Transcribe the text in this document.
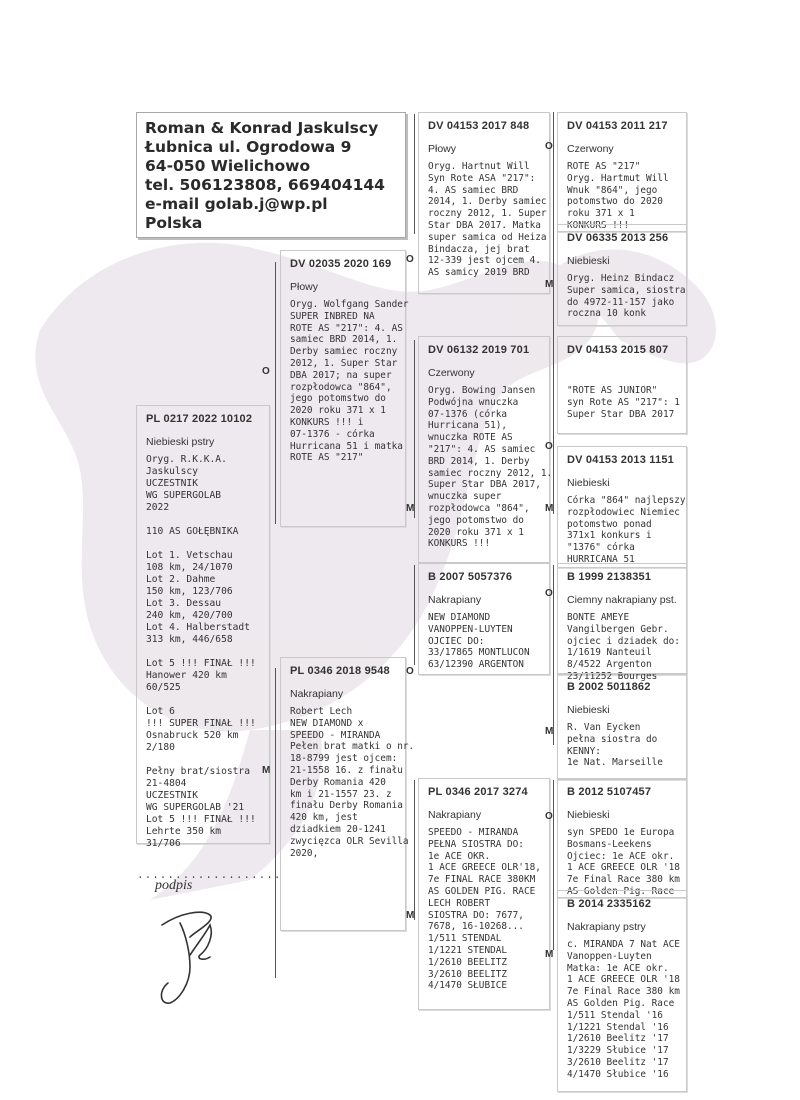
Roman & Konrad Jaskulscy
Łubnica ul. Ogrodowa 9
64-050 Wielichowo
tel. 506123808, 669404144
e-mail golab.j@wp.pl
Polska
PL 0217 2022 10102
Niebieski pstry
Oryg. R.K.K.A.
Jaskulscy
UCZESTNIK
WG SUPERGOLAB
2022

110 AS GOŁĘBNIKA

Lot 1. Vetschau
108 km, 24/1070
Lot 2. Dahme
150 km, 123/706
Lot 3. Dessau
240 km, 420/700
Lot 4. Halberstadt
313 km, 446/658

Lot 5 !!! FINAŁ !!!
Hanower 420 km
60/525

Lot 6
!!! SUPER FINAŁ !!!
Osnabruck 520 km
2/180

Pełny brat/siostra
21-4804
UCZESTNIK
WG SUPERGOLAB '21
Lot 5 !!! FINAŁ !!!
Lehrte 350 km
31/706
DV 02035 2020 169
Płowy
Oryg. Wolfgang Sander
SUPER INBRED NA
ROTE AS "217": 4. AS
samiec BRD 2014, 1.
Derby samiec roczny
2012, 1. Super Star
DBA 2017; na super
rozpłodowca "864",
jego potomstwo do
2020 roku 371 x 1
KONKURS !!! i
07-1376 - córka
Hurricana 51 i matka
ROTE AS "217"
PL 0346 2018 9548
Nakrapiany
Robert Lech
NEW DIAMOND x
SPEEDO - MIRANDA
Pełen brat matki o nr.
18-8799 jest ojcem:
21-1558 16. z finału
Derby Romania 420
km i 21-1557 23. z
finału Derby Romania
420 km, jest
dziadkiem 20-1241
zwycięzca OLR Sevilla
2020,
DV 04153 2017 848
Płowy
Oryg. Hartnut Will
Syn Rote ASA "217":
4. AS samiec BRD
2014, 1. Derby samiec
roczny 2012, 1. Super
Star DBA 2017. Matka
super samica od Heiza
Bindacza, jej brat
12-339 jest ojcem 4.
AS samicy 2019 BRD
DV 06132 2019 701
Czerwony
Oryg. Bowing Jansen
Podwójna wnuczka
07-1376 (córka
Hurricana 51),
wnuczka ROTE AS
"217": 4. AS samiec
BRD 2014, 1. Derby
samiec roczny 2012, 1.
Super Star DBA 2017,
wnuczka super
rozpłodowca "864",
jego potomstwo do
2020 roku 371 x 1
KONKURS !!!
B 2007 5057376
Nakrapiany
NEW DIAMOND
VANOPPEN-LUYTEN
OJCIEC DO:
33/17865 MONTLUCON
63/12390 ARGENTON
PL 0346 2017 3274
Nakrapiany
SPEEDO - MIRANDA
PEŁNA SIOSTRA DO:
1e ACE OKR.
1 ACE GREECE OLR'18,
7e FINAL RACE 380KM
AS GOLDEN PIG. RACE
LECH ROBERT
SIOSTRA DO: 7677,
7678, 16-10268...
1/511 STENDAL
1/1221 STENDAL
1/2610 BEELITZ
3/2610 BEELITZ
4/1470 SŁUBICE
DV 04153 2011 217
Czerwony
ROTE AS "217"
Oryg. Hartmut Will
Wnuk "864", jego
potomstwo do 2020
roku 371 x 1
KONKURS !!!
DV 06335 2013 256
Niebieski
Oryg. Heinz Bindacz
Super samica, siostra
do 4972-11-157 jako
roczna 10 konk
DV 04153 2015 807
"ROTE AS JUNIOR"
syn Rote AS "217": 1
Super Star DBA 2017
DV 04153 2013 1151
Niebieski
Córka "864" najlepszy
rozpłodowiec Niemiec
potomstwo ponad
371x1 konkurs i
"1376" córka
HURRICANA 51
B 1999 2138351
Ciemny nakrapiany pst.
BONTE AMEYE
Vangilbergen Gebr.
ojciec i dziadek do:
1/1619 Nanteuil
8/4522 Argenton
23/11252 Bourges
B 2002 5011862
Niebieski
R. Van Eycken
pełna siostra do
KENNY:
1e Nat. Marseille
B 2012 5107457
Niebieski
syn SPEDO 1e Europa
Bosmans-Leekens
Ojciec: 1e ACE okr.
1 ACE GREECE OLR '18
7e Final Race 380 km
AS Golden Pig. Race
B 2014 2335162
Nakrapiany pstry
c. MIRANDA 7 Nat ACE
Vanoppen-Luyten
Matka: 1e ACE okr.
1 ACE GREECE OLR '18
7e Final Race 380 km
AS Golden Pig. Race
1/511 Stendal '16
1/1221 Stendal '16
1/2610 Beelitz '17
1/3229 Słubice '17
3/2610 Beelitz '17
4/1470 Słubice '16
O
M
O
M
O
M
O
M
O
M
O
M
O
M
...................
podpis
